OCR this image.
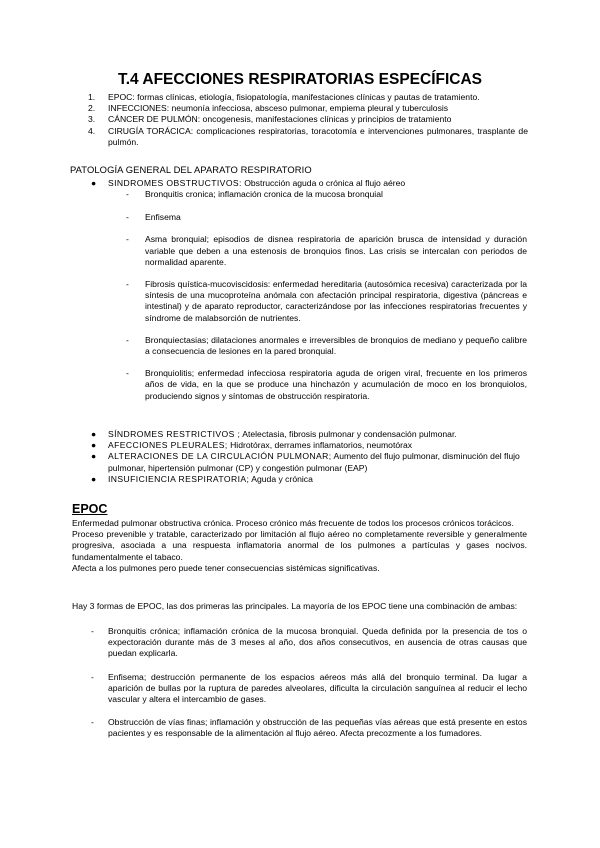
T.4 AFECCIONES RESPIRATORIAS ESPECÍFICAS
1. EPOC: formas clínicas, etiología, fisiopatología, manifestaciones clínicas y pautas de tratamiento.
2. INFECCIONES: neumonía infecciosa, absceso pulmonar, empiema pleural y tuberculosis
3. CÁNCER DE PULMÓN: oncogenesis, manifestaciones clínicas y principios de tratamiento
4. CIRUGÍA TORÁCICA: complicaciones respiratorias, toracotomía e intervenciones pulmonares, trasplante de pulmón.
PATOLOGÍA GENERAL DEL APARATO RESPIRATORIO
● SINDROMES OBSTRUCTIVOS: Obstrucción aguda o crónica al flujo aéreo
- Bronquitis cronica; inflamación cronica de la mucosa bronquial
- Enfisema
- Asma bronquial; episodios de disnea respiratoria de aparición brusca de intensidad y duración variable que deben a una estenosis de bronquios finos. Las crisis se intercalan con periodos de normalidad aparente.
- Fibrosis quística-mucoviscidosis: enfermedad hereditaria (autosómica recesiva) caracterizada por la síntesis de una mucoproteína anómala con afectación principal respiratoria, digestiva (páncreas e intestinal) y de aparato reproductor, caracterizándose por las infecciones respiratorias frecuentes y síndrome de malabsorción de nutrientes.
- Bronquiectasias; dilataciones anormales e irreversibles de bronquios de mediano y pequeño calibre a consecuencia de lesiones en la pared bronquial.
- Bronquiolitis; enfermedad infecciosa respiratoria aguda de origen viral, frecuente en los primeros años de vida, en la que se produce una hinchazón y acumulación de moco en los bronquiolos, produciendo signos y síntomas de obstrucción respiratoria.
● SÍNDROMES RESTRICTIVOS ; Atelectasia, fibrosis pulmonar y condensación pulmonar.
● AFECCIONES PLEURALES; Hidrotórax, derrames inflamatorios, neumotórax
● ALTERACIONES DE LA CIRCULACIÓN PULMONAR; Aumento del flujo pulmonar, disminución del flujo pulmonar, hipertensión pulmonar (CP) y congestión pulmonar (EAP)
● INSUFICIENCIA RESPIRATORIA; Aguda y crónica
EPOC
Enfermedad pulmonar obstructiva crónica. Proceso crónico más frecuente de todos los procesos crónicos torácicos.
Proceso prevenible y tratable, caracterizado por limitación al flujo aéreo no completamente reversible y generalmente progresiva, asociada a una respuesta inflamatoria anormal de los pulmones a partículas y gases nocivos. fundamentalmente el tabaco.
Afecta a los pulmones pero puede tener consecuencias sistémicas significativas.
Hay 3 formas de EPOC, las dos primeras las principales. La mayoría de los EPOC tiene una combinación de ambas:
- Bronquitis crónica; inflamación crónica de la mucosa bronquial. Queda definida por la presencia de tos o expectoración durante más de 3 meses al año, dos años consecutivos, en ausencia de otras causas que puedan explicarla.
- Enfisema; destrucción permanente de los espacios aéreos más allá del bronquio terminal. Da lugar a aparición de bullas por la ruptura de paredes alveolares, dificulta la circulación sanguínea al reducir el lecho vascular y altera el intercambio de gases.
- Obstrucción de vías finas; inflamación y obstrucción de las pequeñas vías aéreas que está presente en estos pacientes y es responsable de la alimentación al flujo aéreo. Afecta precozmente a los fumadores.
